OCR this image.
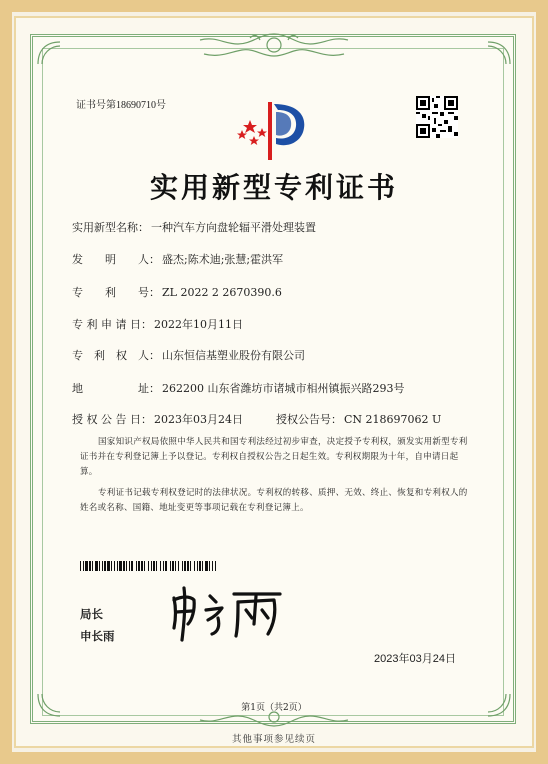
证书号第18690710号
实用新型专利证书
实用新型名称： 一种汽车方向盘轮辐平滑处理装置
发　　明　　人： 盛杰;陈术迪;张慧;霍洪军
专　　利　　号： ZL 2022 2 2670390.6
专 利 申 请 日： 2022年10月11日
专　利　权　人： 山东恒信基塑业股份有限公司
地　　　　　址： 262200 山东省潍坊市诸城市相州镇振兴路293号
授 权 公 告 日： 2023年03月24日	授权公告号： CN 218697062 U
国家知识产权局依照中华人民共和国专利法经过初步审查，决定授予专利权，颁发实用新型专利证书并在专利登记簿上予以登记。专利权自授权公告之日起生效。专利权期限为十年，自申请日起算。
专利证书记载专利权登记时的法律状况。专利权的转移、质押、无效、终止、恢复和专利权人的姓名或名称、国籍、地址变更等事项记载在专利登记簿上。
局长
申长雨
2023年03月24日
第1页（共2页）
其他事项参见续页
